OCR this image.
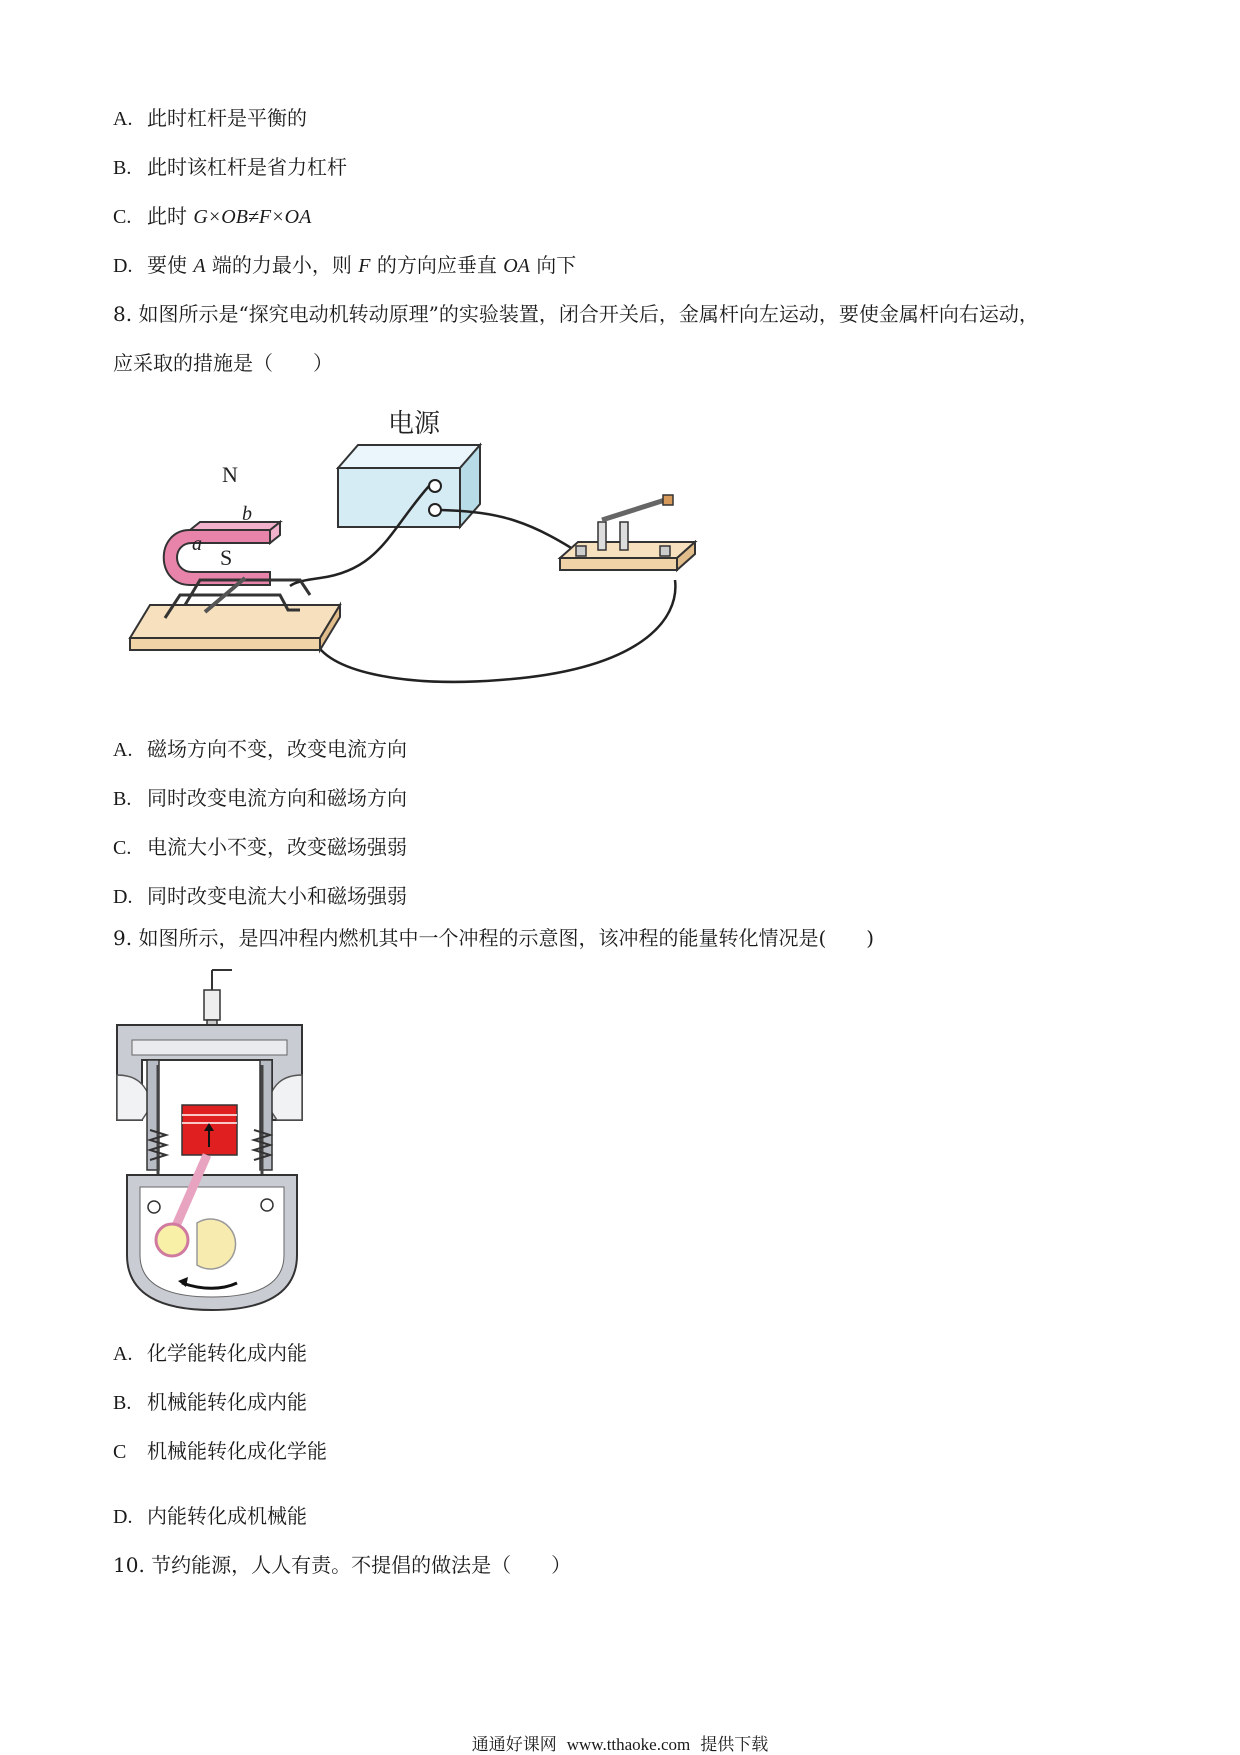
A. 此时杠杆是平衡的
B. 此时该杠杆是省力杠杆
C. 此时 G×OB≠F×OA
D. 要使 A 端的力最小，则 F 的方向应垂直 OA 向下
8. 如图所示是“探究电动机转动原理”的实验装置，闭合开关后，金属杆向左运动，要使金属杆向右运动，
应采取的措施是（　　）
电源
N
S
a
b
A. 磁场方向不变，改变电流方向
B. 同时改变电流方向和磁场方向
C. 电流大小不变，改变磁场强弱
D. 同时改变电流大小和磁场强弱
9. 如图所示，是四冲程内燃机其中一个冲程的示意图，该冲程的能量转化情况是(　　)
A. 化学能转化成内能
B. 机械能转化成内能
C 机械能转化成化学能
D. 内能转化成机械能
10. 节约能源，人人有责。不提倡的做法是（　　）
通通好课网 www.tthaoke.com 提供下载
